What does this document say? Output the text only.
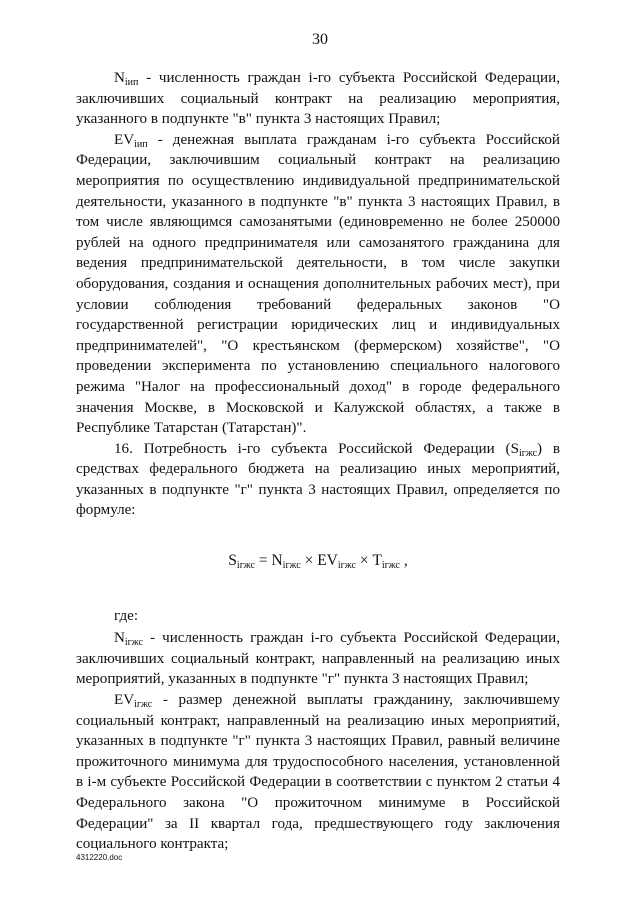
30

$N_{iип}$ - численность граждан i-го субъекта Российской Федерации, заключивших социальный контракт на реализацию мероприятия, указанного в подпункте "в" пункта 3 настоящих Правил;

$EV_{iип}$ - денежная выплата гражданам i-го субъекта Российской Федерации, заключившим социальный контракт на реализацию мероприятия по осуществлению индивидуальной предпринимательской деятельности, указанного в подпункте "в" пункта 3 настоящих Правил, в том числе являющимся самозанятыми (единовременно не более 250000 рублей на одного предпринимателя или самозанятого гражданина для ведения предпринимательской деятельности, в том числе закупки оборудования, создания и оснащения дополнительных рабочих мест), при условии соблюдения требований федеральных законов "О государственной регистрации юридических лиц и индивидуальных предпринимателей", "О крестьянском (фермерском) хозяйстве", "О проведении эксперимента по установлению специального налогового режима "Налог на профессиональный доход" в городе федерального значения Москве, в Московской и Калужской областях, а также в Республике Татарстан (Татарстан)".

16. Потребность i-го субъекта Российской Федерации $(S_{iгжс})$ в средствах федерального бюджета на реализацию иных мероприятий, указанных в подпункте "г" пункта 3 настоящих Правил, определяется по формуле:

$S_{iгжс} = N_{iгжс} \times EV_{iгжс} \times T_{iгжс}$ ,

где:

$N_{iгжс}$ - численность граждан i-го субъекта Российской Федерации, заключивших социальный контракт, направленный на реализацию иных мероприятий, указанных в подпункте "г" пункта 3 настоящих Правил;

$EV_{iгжс}$ - размер денежной выплаты гражданину, заключившему социальный контракт, направленный на реализацию иных мероприятий, указанных в подпункте "г" пункта 3 настоящих Правил, равный величине прожиточного минимума для трудоспособного населения, установленной в i-м субъекте Российской Федерации в соответствии с пунктом 2 статьи 4 Федерального закона "О прожиточном минимуме в Российской Федерации" за II квартал года, предшествующего году заключения социального контракта;

4312220.doc
